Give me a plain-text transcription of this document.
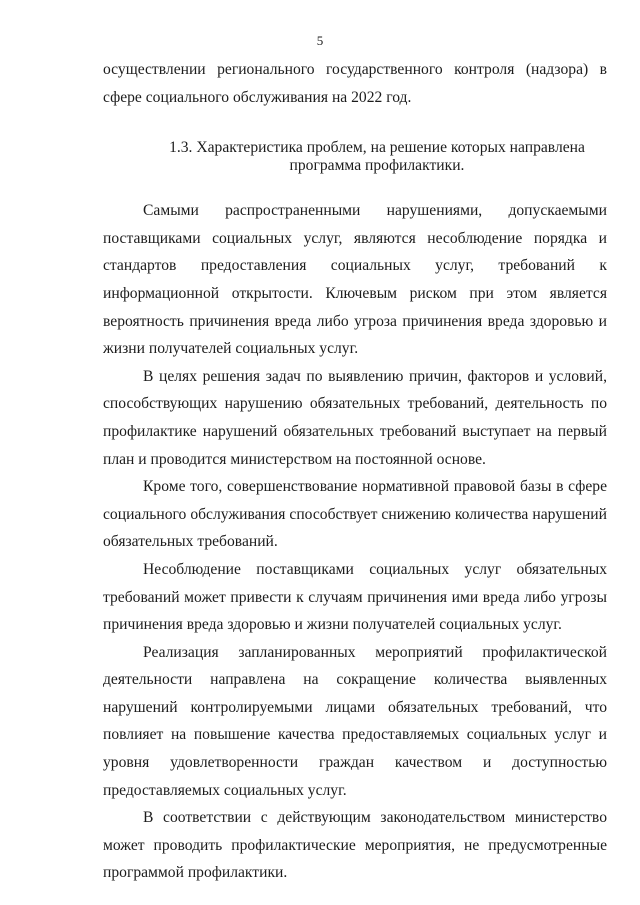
5

осуществлении регионального государственного контроля (надзора) в сфере социального обслуживания на 2022 год.

1.3. Характеристика проблем, на решение которых направлена
программа профилактики.

Самыми распространенными нарушениями, допускаемыми поставщиками социальных услуг, являются несоблюдение порядка и стандартов предоставления социальных услуг, требований к информационной открытости. Ключевым риском при этом является вероятность причинения вреда либо угроза причинения вреда здоровью и жизни получателей социальных услуг.

В целях решения задач по выявлению причин, факторов и условий, способствующих нарушению обязательных требований, деятельность по профилактике нарушений обязательных требований выступает на первый план и проводится министерством на постоянной основе.

Кроме того, совершенствование нормативной правовой базы в сфере социального обслуживания способствует снижению количества нарушений обязательных требований.

Несоблюдение поставщиками социальных услуг обязательных требований может привести к случаям причинения ими вреда либо угрозы причинения вреда здоровью и жизни получателей социальных услуг.

Реализация запланированных мероприятий профилактической деятельности направлена на сокращение количества выявленных нарушений контролируемыми лицами обязательных требований, что повлияет на повышение качества предоставляемых социальных услуг и уровня удовлетворенности граждан качеством и доступностью предоставляемых социальных услуг.

В соответствии с действующим законодательством министерство может проводить профилактические мероприятия, не предусмотренные программой профилактики.
